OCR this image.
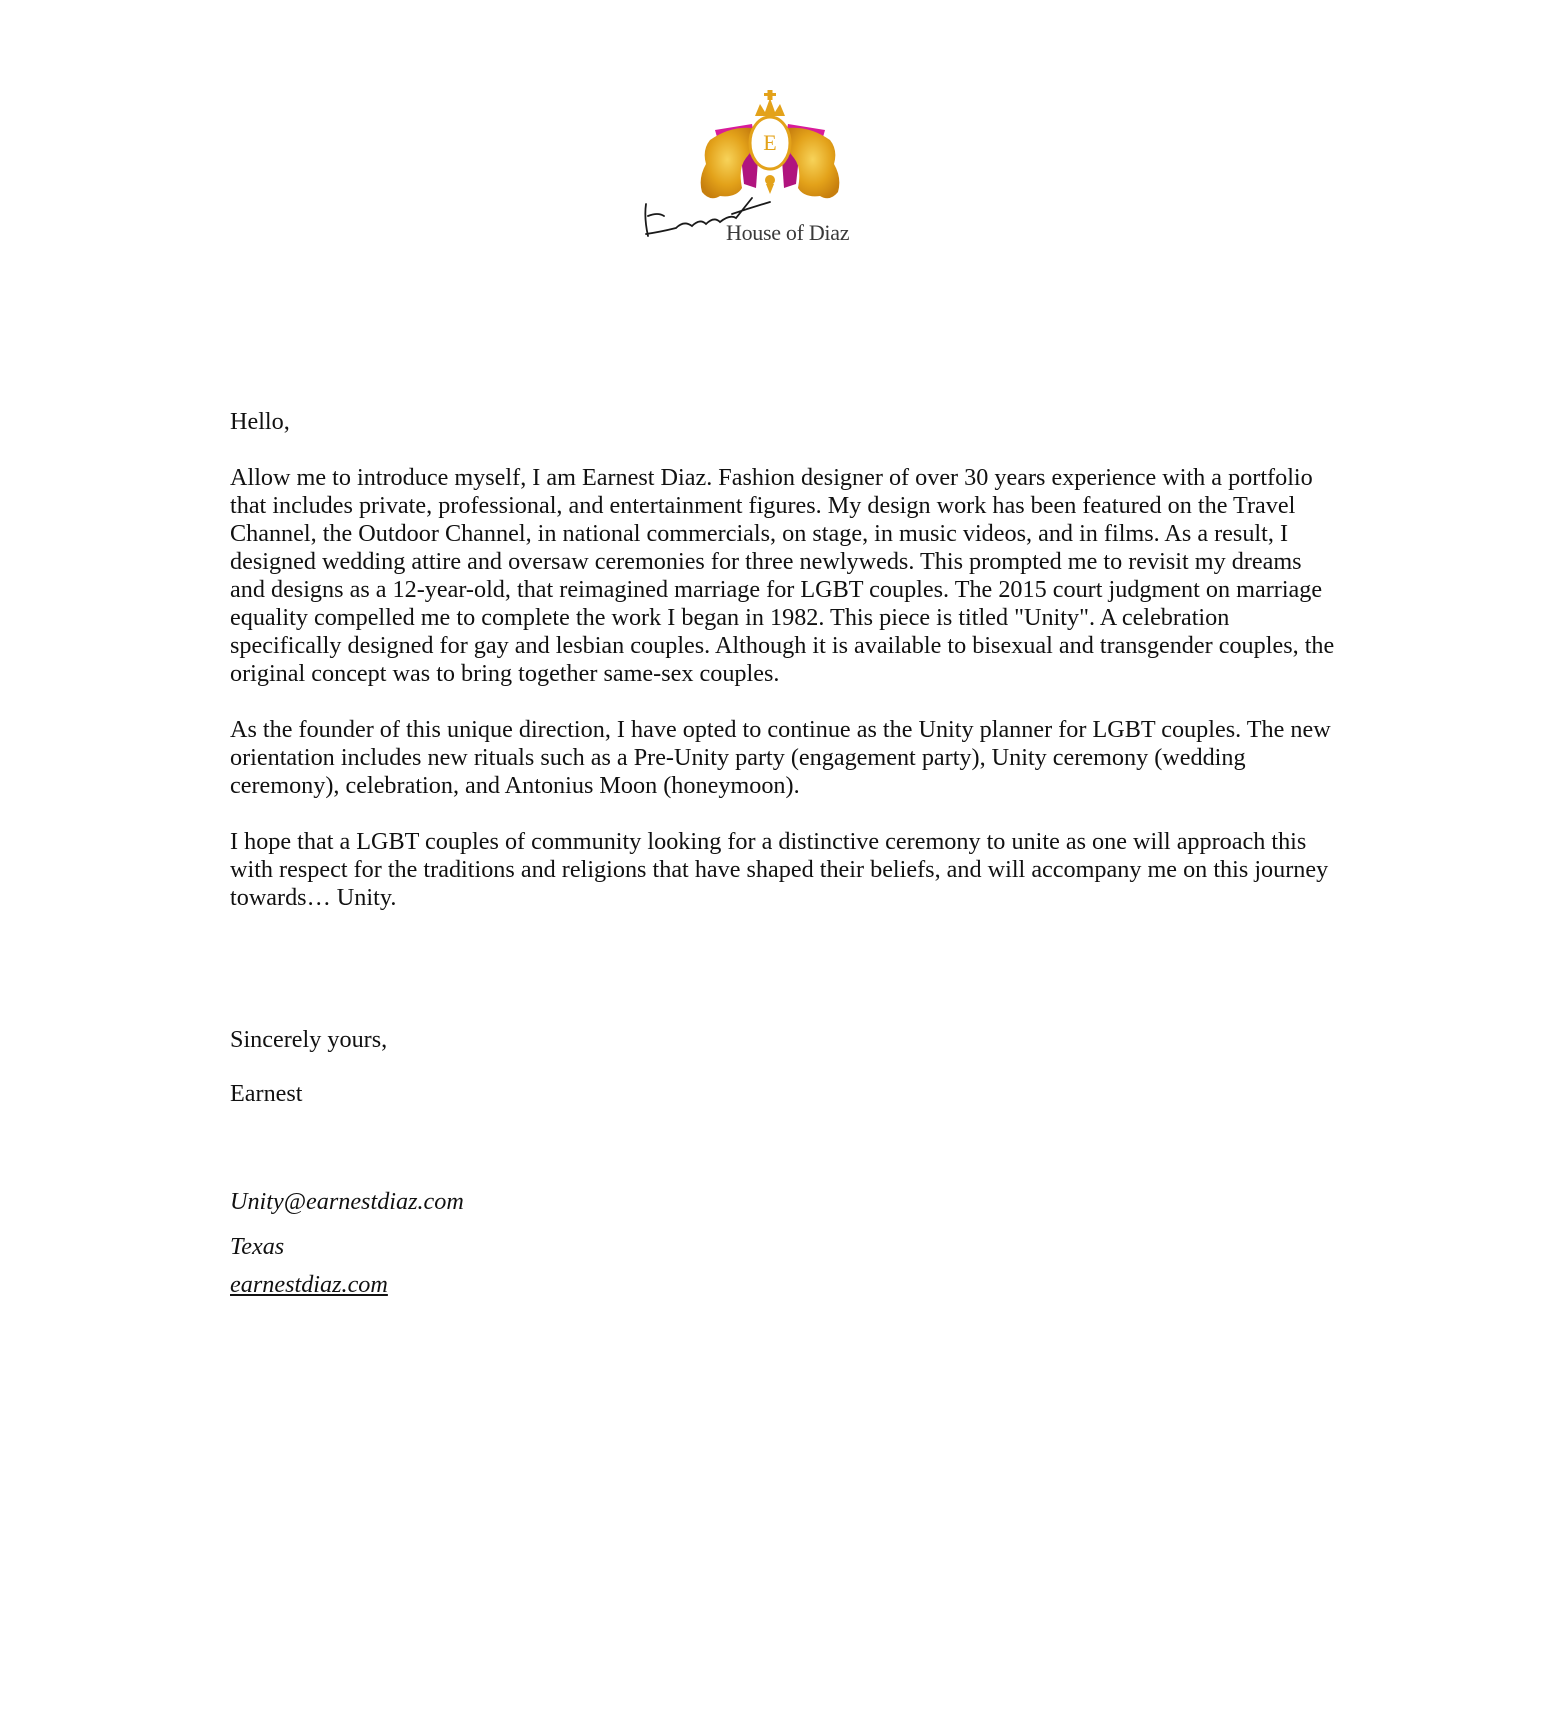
E
House of Diaz

Hello,

Allow me to introduce myself, I am Earnest Diaz. Fashion designer of over 30 years experience with a portfolio that includes private, professional, and entertainment figures. My design work has been featured on the Travel Channel, the Outdoor Channel, in national commercials, on stage, in music videos, and in films. As a result, I designed wedding attire and oversaw ceremonies for three newlyweds. This prompted me to revisit my dreams and designs as a 12-year-old, that reimagined marriage for LGBT couples. The 2015 court judgment on marriage equality compelled me to complete the work I began in 1982. This piece is titled "Unity". A celebration specifically designed for gay and lesbian couples. Although it is available to bisexual and transgender couples, the original concept was to bring together same-sex couples.

As the founder of this unique direction, I have opted to continue as the Unity planner for LGBT couples. The new orientation includes new rituals such as a Pre-Unity party (engagement party), Unity ceremony (wedding ceremony), celebration, and Antonius Moon (honeymoon).

I hope that a LGBT couples of community looking for a distinctive ceremony to unite as one will approach this with respect for the traditions and religions that have shaped their beliefs, and will accompany me on this journey towards… Unity.

Sincerely yours,
Earnest
Unity@earnestdiaz.com
Texas
earnestdiaz.com
